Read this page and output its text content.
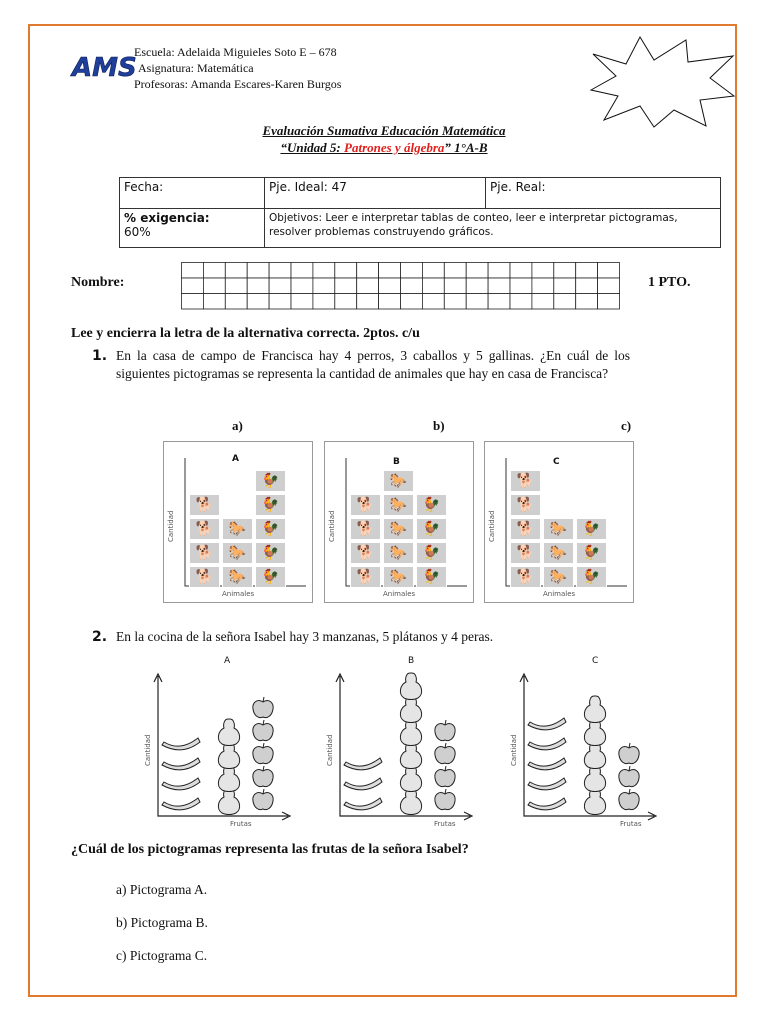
AMS
Escuela: Adelaida Miguieles Soto E – 678
Asignatura: Matemática
Profesoras: Amanda Escares-Karen Burgos
Evaluación Sumativa Educación Matemática
“Unidad 5: Patrones y álgebra” 1°A-B
Fecha:	Pje. Ideal: 47	Pje. Real:

% exigencia:
60%	Objetivos: Leer e interpretar tablas de conteo, leer e interpretar pictogramas, resolver problemas construyendo gráficos.	
Nombre:	1 PTO.
Lee y encierra la letra de la alternativa correcta. 2ptos. c/u
1. En la casa de campo de Francisca hay 4 perros, 3 caballos y 5 gallinas. ¿En cuál de los siguientes pictogramas se representa la cantidad de animales que hay en casa de Francisca?
a)	b)	c)
A
Cantidad
Animales
🐕
🐕
🐕
🐕
🐎
🐎
🐎
🐓
🐓
🐓
🐓
🐓
B
Cantidad
Animales
🐕
🐕
🐕
🐕
🐎
🐎
🐎
🐎
🐎
🐓
🐓
🐓
🐓
C
Cantidad
Animales
🐕
🐕
🐕
🐕
🐕
🐎
🐎
🐎
🐓
🐓
🐓
2. En la cocina de la señora Isabel hay 3 manzanas, 5 plátanos y 4 peras.
A
Cantidad
Frutas
B
Cantidad
Frutas
C
Cantidad
Frutas
¿Cuál de los pictogramas representa las frutas de la señora Isabel?
a) Pictograma A.
b) Pictograma B.
c) Pictograma C.
